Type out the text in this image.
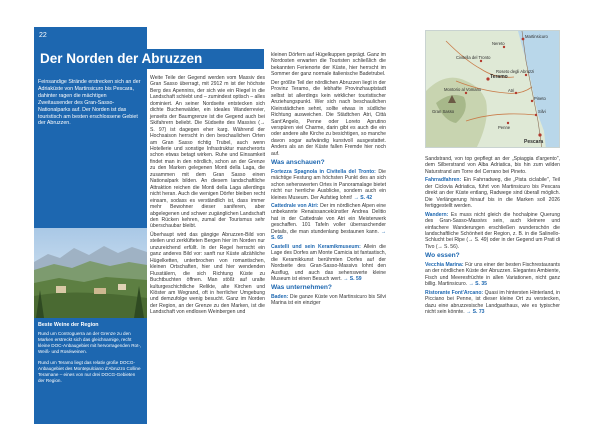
22
Der Norden der Abruzzen
Feinsandige Strände erstrecken sich an der Adriaküste von Martinsicuro bis Pescara, dahinter ragen die mächtigen Zweitausender des Gran-Sasso-Nationalparks auf. Der Norden ist das touristisch am besten erschlossene Gebiet der Abruzzen.
Beste Weine der Region
Rund um Controguerra an der Grenze zu den Marken erstreckt sich das gleichnamige, recht kleine DOC-Anbaugebiet mit hervorragenden Rot-, Weiß- und Roséweinen.

Rund um Teramo liegt das relativ große DOCG-Anbaugebiet des Montepulciano d'Abruzzo Colline Teramane – eines von nur drei DOCG-Gebieten der Region.

Weite Teile der Gegend werden vom Massiv des Gran Sasso überragt, mit 2912 m ist der höchste Berg des Apennins, der sich wie ein Riegel in die Landschaft schiebt und – zumindest optisch – alles dominiert. An seiner Nordseite entstecken sich dichte Buchenwälder, ein ideales Wanderrevier, jenseits der Baumgrenze ist die Gegend auch bei Skifahrern beliebt. Die Südseite des Massivs (→ S. 97) ist dagegen eher karg. Während der Hochsaison herrscht in den beschaulichen Orten am Gran Sasso richtig Trubel, auch wenn Hotellerie und sonstige Infrastruktur mancherorts schon etwas betagt wirken. Ruhe und Einsamkeit findet man in den nördlich, schon an der Grenze zu den Marken gelegenen Monti della Laga, die zusammen mit dem Gran Sasso einen Nationalpark bilden. An diesem landschaftliche Attraktion reichen die Monti della Laga allerdings nicht heran. Auch die wenigen Dörfer bleiben recht einsam, sodass es verständlich ist, dass immer mehr Bewohner dieser saniferen, aber abgelegenen und schwer zugänglichen Landschaft den Rücken kehren, zumal der Tourismus sehr überschaubar bleibt.

Überhaupt wird das gängige Abruzzen-Bild von steilen und zerklüfteten Bergen hier im Norden nur unzureichend erfüllt. In der Regel herrscht ein ganz anderes Bild vor: sanft nur Küste allzähliche Hügelketten, unterbrochen von romantischen, kleinen Ortschaften, hier und hier wendenden Flusstälern, die sich Richtung Küste zu Buchtbuchten öffnen. Man stößt auf uralte kulturgeschichtliche Relikte, alte Kirchen und Klöster am Wegrand, oft in herrlicher Umgebung und demzufolge wenig besucht. Ganz im Norden der Region, an der Grenze zu den Marken, ist die Landschaft von endlosen Weinbergen und

kleinen Dörfern auf Hügelkuppen geprägt. Ganz im Nordosten erwarten die Touristen schließlich die bekannten Ferienorte der Küste, hier herrscht im Sommer der ganz normale italienische Badetrubel.

Der größte Teil der nördlichen Abruzzen liegt in der Provinz Teramo, die lebhafte Provinzhauptstadt selbst ist allerdings kein wirklicher touristischer Anziehungspunkt. Wer sich nach beschaulichen Kleinstädtchen sehnt, sollte etwas in südliche Richtung ausweichen. Die Städtchen Atri, Città Sant'Angelo, Penne oder Loreto Aprutino verspüren viel Charme, darin gibt es auch die ein oder andere alte Kirche zu besichtigen, so manche davon sogar aufwändig kunstvoll ausgestattet. Anders als an der Küste fallen Fremde hier noch auf.

Was anschauen?

Fortezza Spagnola in Civitella del Tronto: Die mächtige Festung am höchsten Punkt des an sich schon sehenswerten Ortes in Panoramalage bietet nicht nur herrliche Ausblicke, sondern auch ein kleines Museum. Der Aufstieg lohnt! → S. 42

Cattedrale von Atri: Der im nördlichen Alpen eine unbekannte Renaissancekünstler Andrea Delitio hat in der Cattedrale von Atri ein Meisterwerk geschaffen. 101 Tafeln voller überraschender Details, die man stundenlang bestaunen kann. → S. 65

Castelli und sein Keramikmuseum: Allein die Lage des Dorfes am Monte Camicia ist fantastisch, die Keramikkunst berühmten Dorfes auf der Nordseite des Gran-Sasso-Massivs lohnt den Ausflug, und auch das sehenswerte kleine Museum ist einen Besuch wert. → S. 59

Was unternehmen?

Baden: Die ganze Küste von Martinsicuro bis Silvi Marina ist ein einziger

Martinsicuro
Nereto
Civitella del Tronto
Teramo
Roseto degli Abruzzi
Atri
Pineto
Montorio al Vomano
Silvi
Penne
Pescara
Gran Sasso

Sandstrand, von top gepflegt an der „Spiaggia d'argento", dem Silberstrand von Alba Adriatica, bis hin zum wilden Naturstrand am Torre del Cerrano bei Pineto.

Fahrradfahren: Ein Fahrradweg, die „Pista ciclabile", Teil der Ciclovia Adriatica, führt von Martinsicuro bis Pescara direkt an der Küste entlang, Radwege sind überall möglich. Die Verlängerung hinauf bis in die Marken soll 2026 fertiggestellt werden.

Wandern: Es muss nicht gleich die hochalpine Querung des Gran-Sasso-Massivs sein, auch kleinere und einfachere Wanderungen erschließen wunderschön die landschaftliche Schönheit der Region, z. B. in die Salinello-Schlucht bei Ripe (→ S. 49) oder in der Gegend um Prati di Tivo (→ S. 56).

Wo essen?

Vecchia Marina: Für uns einer der besten Fischrestaurants an der nördlichen Küste der Abruzzen. Elegantes Ambiente, Fisch und Meeresfrüchte in allen Variationen, nicht ganz billig. Martinsicuro. → S. 35

Ristorante Font'Arcano: Quasi im hintersten Hinterland, in Picciano bei Penne, ist dieser kleine Ort zu verstecken, dazu eine abruzzesische Landgasthaus, wie es typischer nicht sein könnte. → S. 73
